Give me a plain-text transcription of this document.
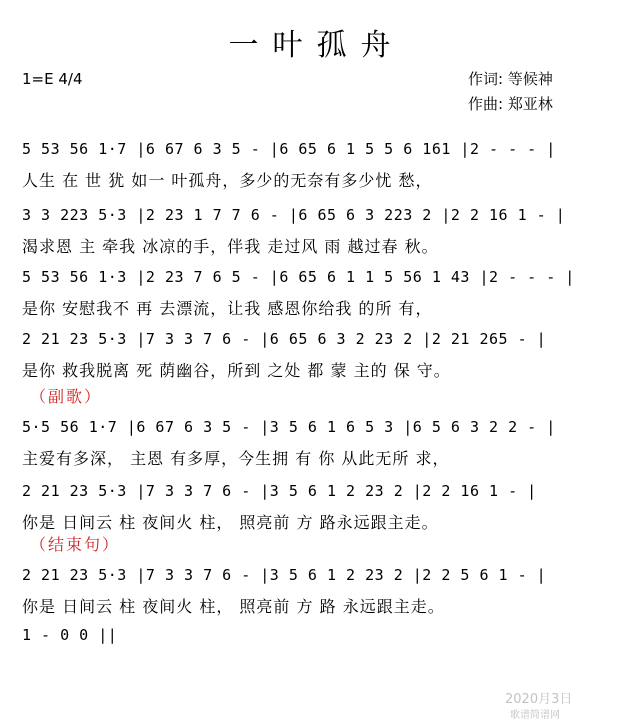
一叶孤舟
1=E 4/4	作词: 等候神
作曲: 郑亚林
5 53 56 1·7 |6 67 6 3 5 - |6 65 6 1 5 5 6 161 |2 - - - |
人生 在 世 犹 如一 叶孤舟，多少的无奈有多少忧 愁，
3 3 223 5·3 |2 23 1 7 7 6 - |6 65 6 3 223 2 |2 2 16 1 - |
渴求恩 主 牵我 冰凉的手，伴我 走过风 雨 越过春 秋。
5 53 56 1·3 |2 23 7 6 5 - |6 65 6 1 1 5 56 1 43 |2 - - - |
是你 安慰我不 再 去漂流，让我 感恩你给我 的所 有，
2 21 23 5·3 |7 3 3 7 6 - |6 65 6 3 2 23 2 |2 21 265 - |
是你 救我脱离 死 荫幽谷，所到 之处 都 蒙 主的 保 守。
（副歌）
5·5 56 1·7 |6 67 6 3 5 - |3 5 6 1 6 5 3 |6 5 6 3 2 2 - |
主爱有多深， 主恩 有多厚，今生拥 有 你 从此无所 求，
2 21 23 5·3 |7 3 3 7 6 - |3 5 6 1 2 23 2 |2 2 16 1 - |
你是 日间云 柱 夜间火 柱， 照亮前 方 路永远跟主走。
（结束句）
2 21 23 5·3 |7 3 3 7 6 - |3 5 6 1 2 23 2 |2 2 5 6 1 - |
你是 日间云 柱 夜间火 柱， 照亮前 方 路 永远跟主走。
1 - 0 0 ||
2020月3日
歌谱简谱网
